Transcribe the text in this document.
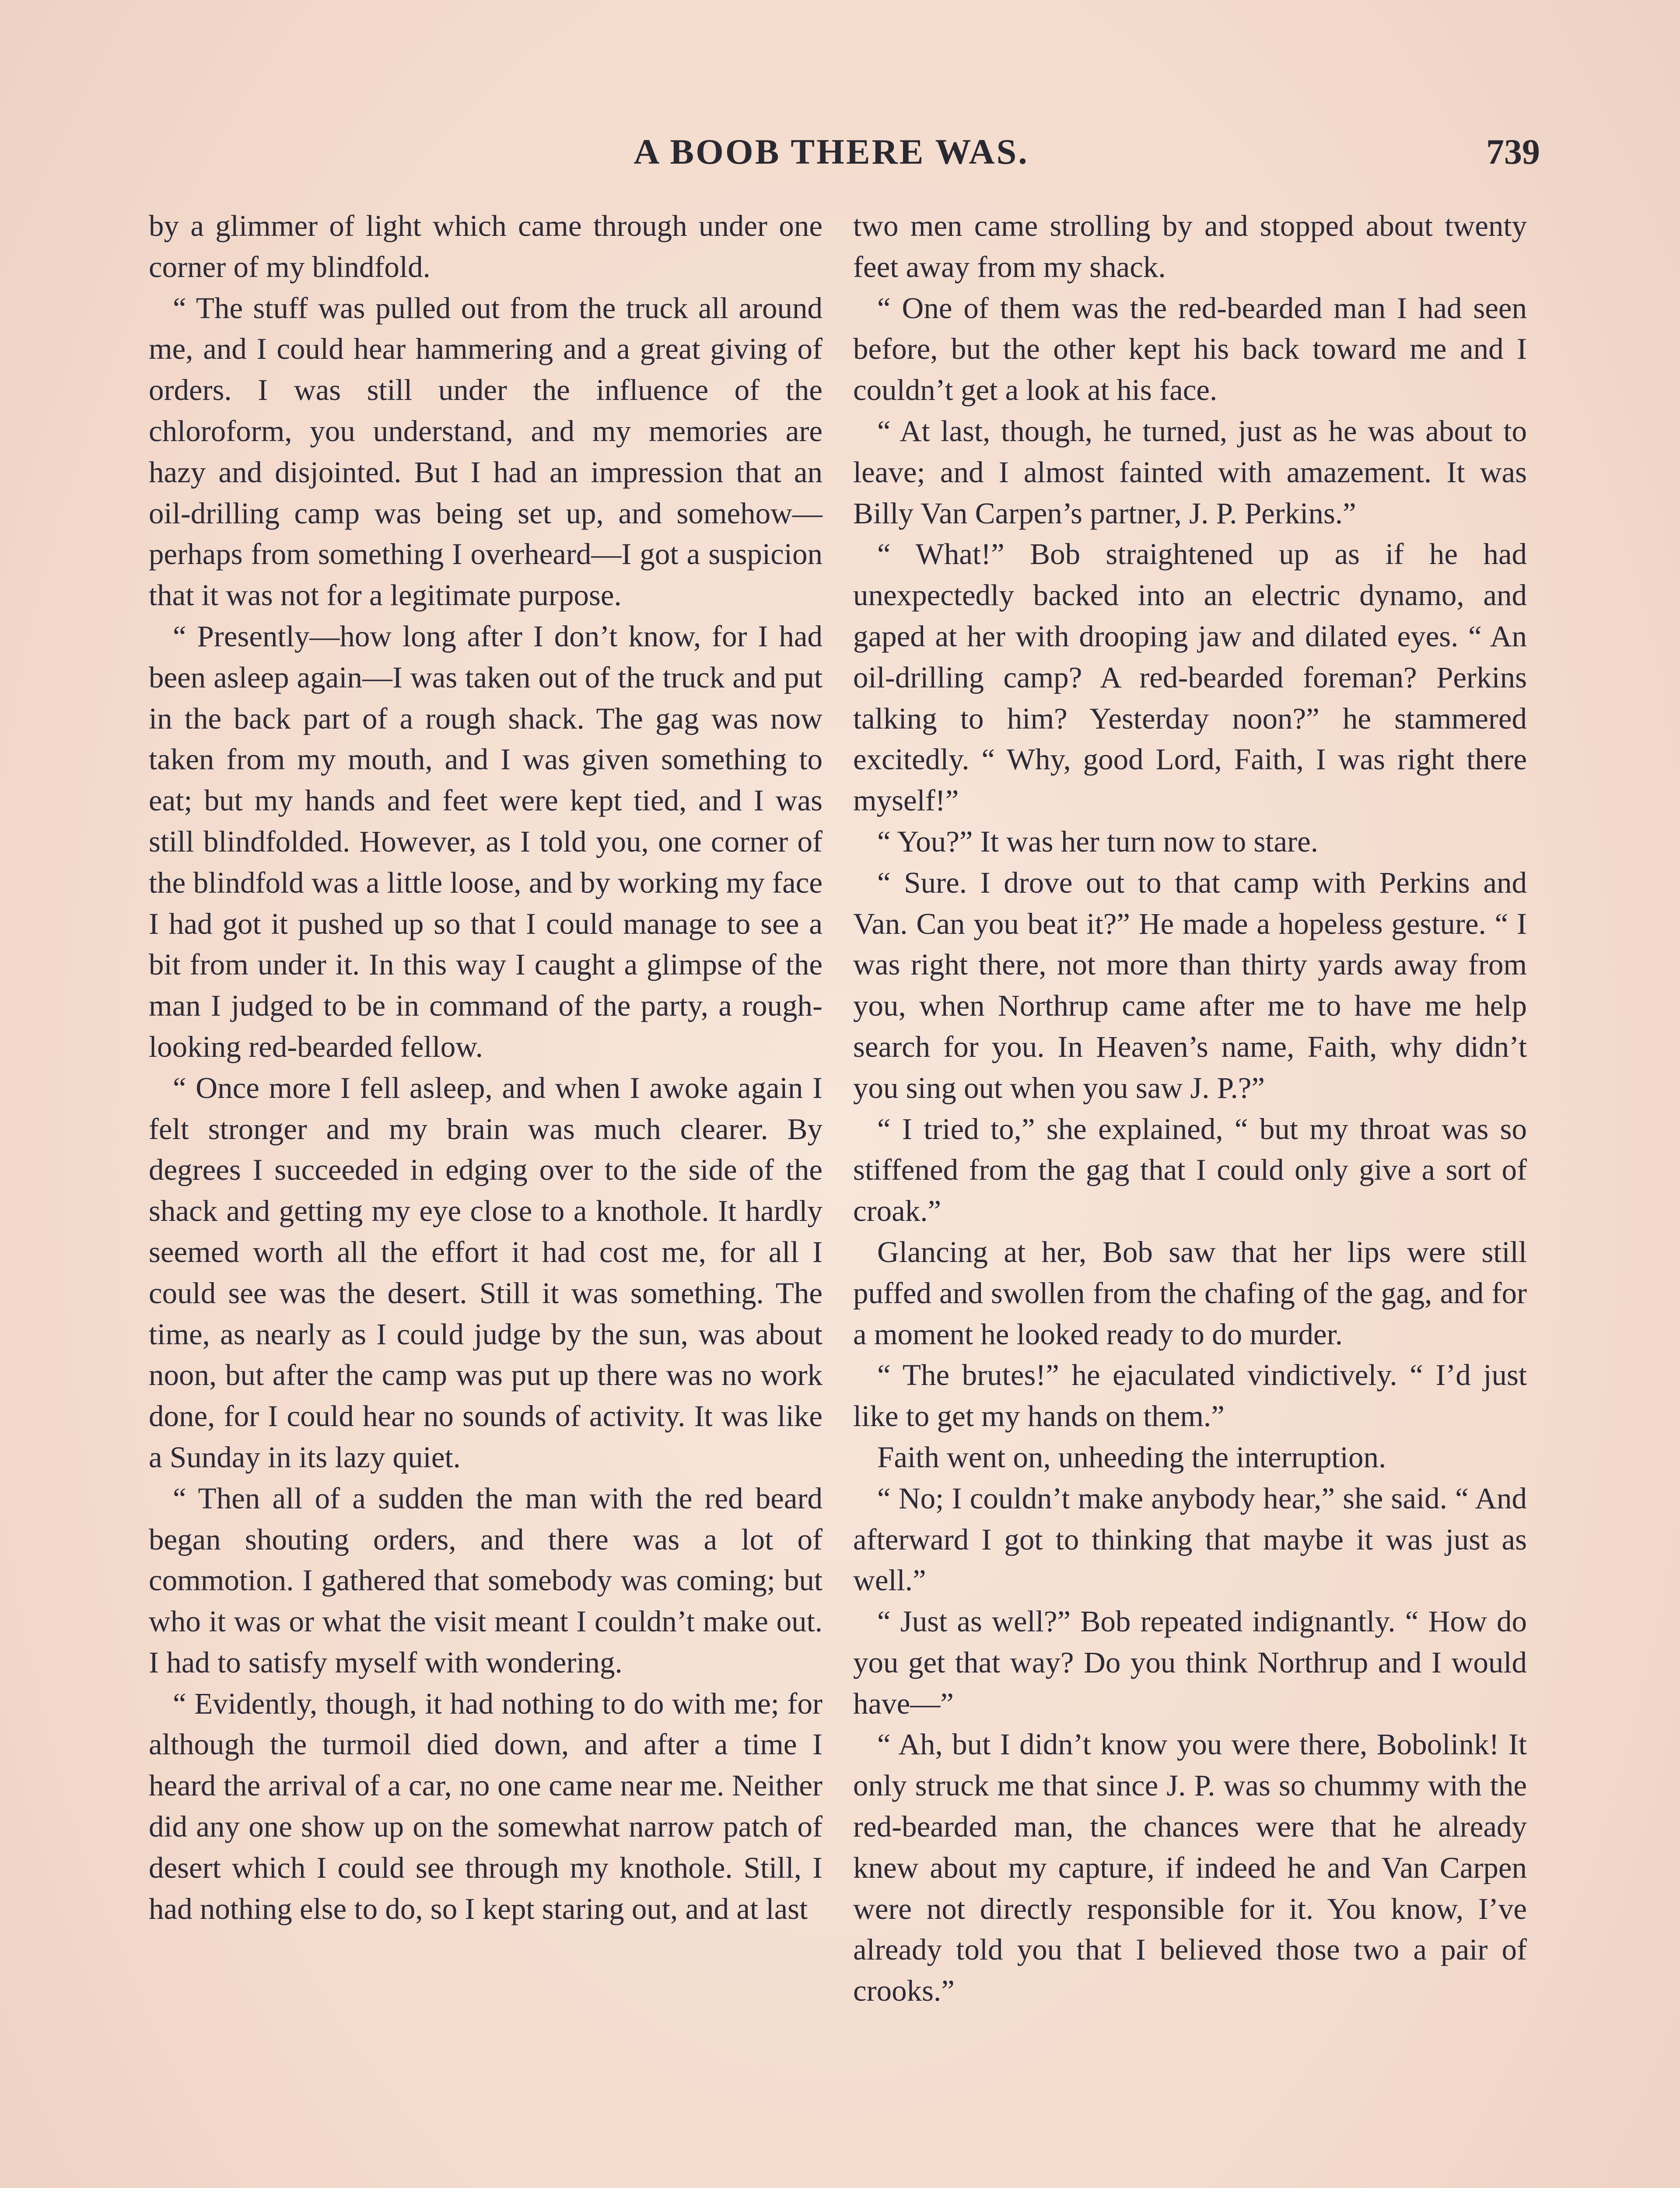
A BOOB THERE WAS.	739

by a glimmer of light which came through under one corner of my blindfold.

“ The stuff was pulled out from the truck all around me, and I could hear hammering and a great giving of orders. I was still under the influence of the chloroform, you understand, and my memories are hazy and disjointed. But I had an impression that an oil-drilling camp was being set up, and somehow—perhaps from something I overheard—I got a suspicion that it was not for a legitimate purpose.

“ Presently—how long after I don’t know, for I had been asleep again—I was taken out of the truck and put in the back part of a rough shack. The gag was now taken from my mouth, and I was given something to eat; but my hands and feet were kept tied, and I was still blindfolded. However, as I told you, one corner of the blindfold was a little loose, and by working my face I had got it pushed up so that I could manage to see a bit from under it. In this way I caught a glimpse of the man I judged to be in command of the party, a rough-looking red-bearded fellow.

“ Once more I fell asleep, and when I awoke again I felt stronger and my brain was much clearer. By degrees I succeeded in edging over to the side of the shack and getting my eye close to a knothole. It hardly seemed worth all the effort it had cost me, for all I could see was the desert. Still it was something. The time, as nearly as I could judge by the sun, was about noon, but after the camp was put up there was no work done, for I could hear no sounds of activity. It was like a Sunday in its lazy quiet.

“ Then all of a sudden the man with the red beard began shouting orders, and there was a lot of commotion. I gathered that somebody was coming; but who it was or what the visit meant I couldn’t make out. I had to satisfy myself with wondering.

“ Evidently, though, it had nothing to do with me; for although the turmoil died down, and after a time I heard the arrival of a car, no one came near me. Neither did any one show up on the somewhat narrow patch of desert which I could see through my knothole. Still, I had nothing else to do, so I kept staring out, and at last

two men came strolling by and stopped about twenty feet away from my shack.

“ One of them was the red-bearded man I had seen before, but the other kept his back toward me and I couldn’t get a look at his face.

“ At last, though, he turned, just as he was about to leave; and I almost fainted with amazement. It was Billy Van Carpen’s partner, J. P. Perkins.”

“ What!” Bob straightened up as if he had unexpectedly backed into an electric dynamo, and gaped at her with drooping jaw and dilated eyes. “ An oil-drilling camp? A red-bearded foreman? Perkins talking to him? Yesterday noon?” he stammered excitedly. “ Why, good Lord, Faith, I was right there myself!”

“ You?” It was her turn now to stare.

“ Sure. I drove out to that camp with Perkins and Van. Can you beat it?” He made a hopeless gesture. “ I was right there, not more than thirty yards away from you, when Northrup came after me to have me help search for you. In Heaven’s name, Faith, why didn’t you sing out when you saw J. P.?”

“ I tried to,” she explained, “ but my throat was so stiffened from the gag that I could only give a sort of croak.”

Glancing at her, Bob saw that her lips were still puffed and swollen from the chafing of the gag, and for a moment he looked ready to do murder.

“ The brutes!” he ejaculated vindictively. “ I’d just like to get my hands on them.”

Faith went on, unheeding the interruption.

“ No; I couldn’t make anybody hear,” she said. “ And afterward I got to thinking that maybe it was just as well.”

“ Just as well?” Bob repeated indignantly. “ How do you get that way? Do you think Northrup and I would have—”

“ Ah, but I didn’t know you were there, Bobolink! It only struck me that since J. P. was so chummy with the red-bearded man, the chances were that he already knew about my capture, if indeed he and Van Carpen were not directly responsible for it. You know, I’ve already told you that I believed those two a pair of crooks.”
